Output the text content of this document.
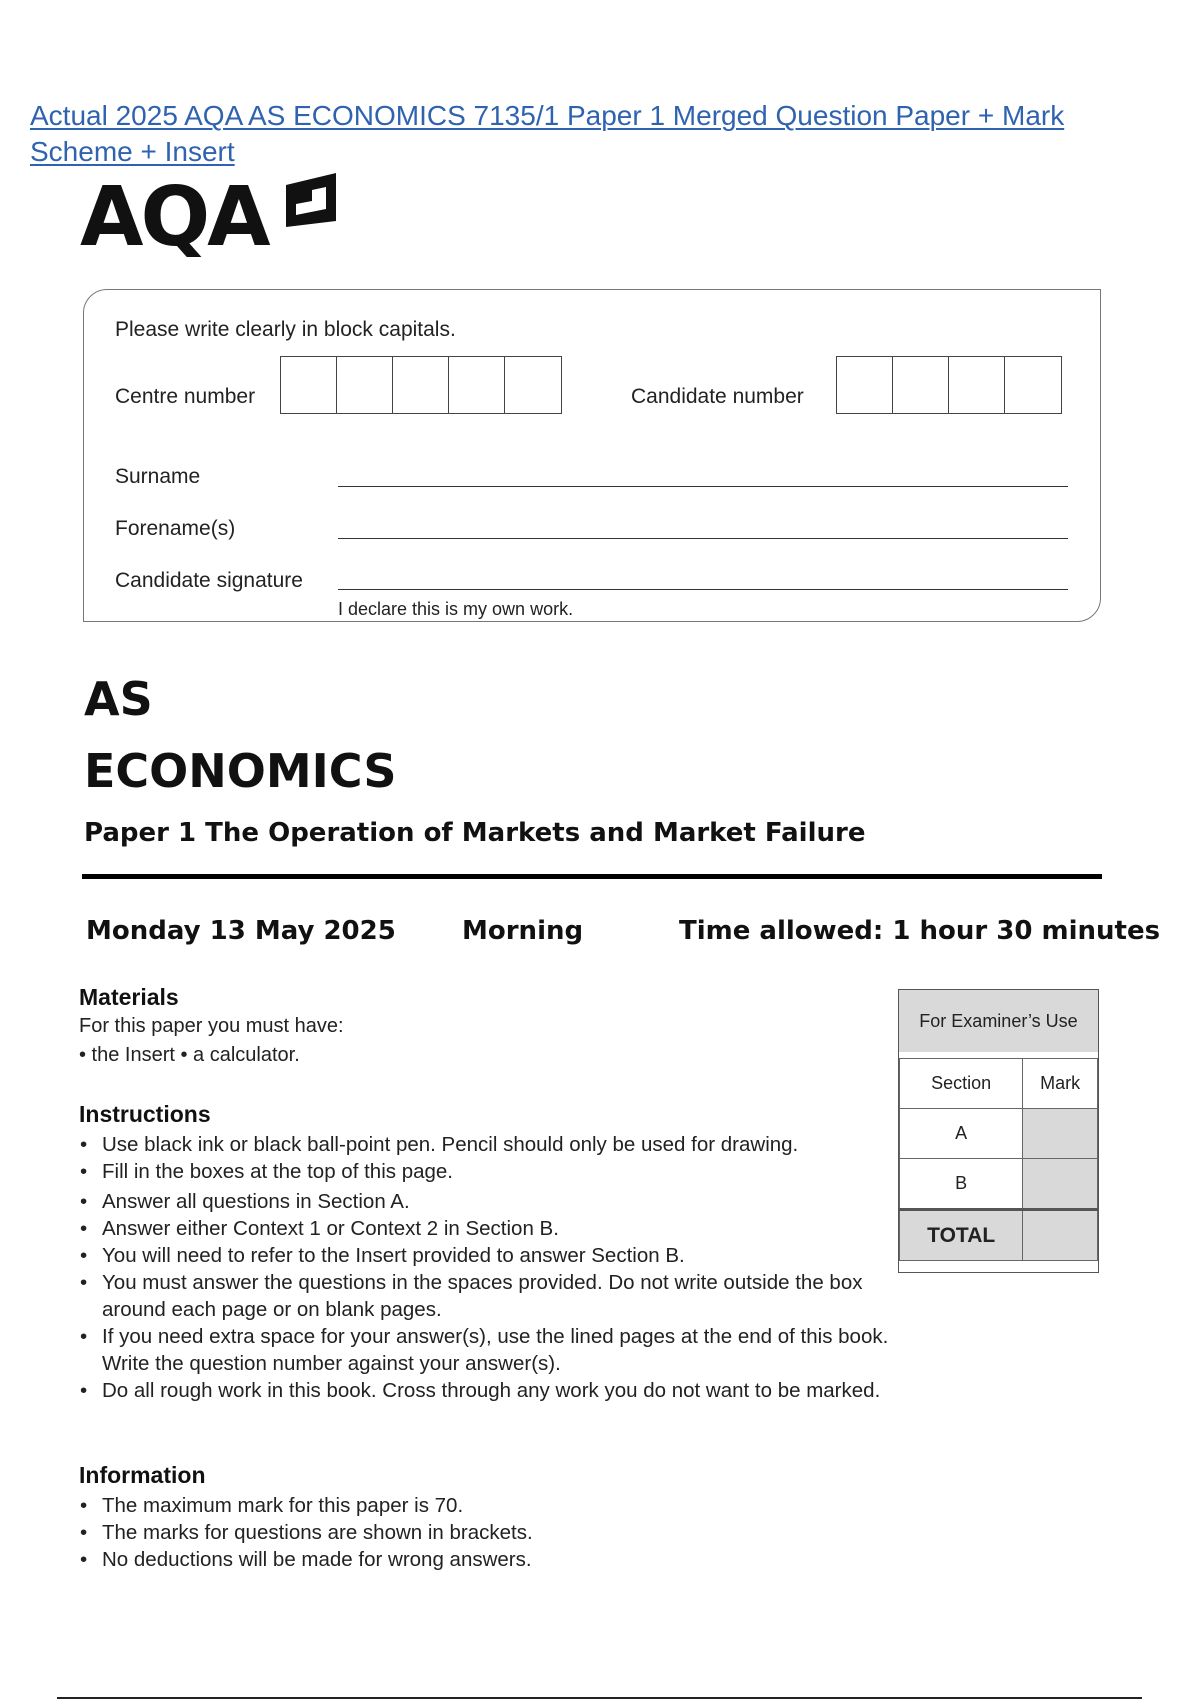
Actual 2025 AQA AS ECONOMICS 7135/1 Paper 1 Merged Question Paper + Mark Scheme + Insert
AQA
Please write clearly in block capitals.
Centre number	Candidate number
Surname
Forename(s)
Candidate signature
I declare this is my own work.
AS
ECONOMICS
Paper 1 The Operation of Markets and Market Failure
Monday 13 May 2025	Morning	Time allowed: 1 hour 30 minutes
Materials
For this paper you must have:
• the Insert • a calculator.
Instructions
• Use black ink or black ball-point pen. Pencil should only be used for drawing.
• Fill in the boxes at the top of this page.
• Answer all questions in Section A.
• Answer either Context 1 or Context 2 in Section B.
• You will need to refer to the Insert provided to answer Section B.
• You must answer the questions in the spaces provided. Do not write outside the box around each page or on blank pages.
• If you need extra space for your answer(s), use the lined pages at the end of this book. Write the question number against your answer(s).
• Do all rough work in this book. Cross through any work you do not want to be marked.
Information
• The maximum mark for this paper is 70.
• The marks for questions are shown in brackets.
• No deductions will be made for wrong answers.
For Examiner’s Use
Section	Mark
A	
B	
TOTAL	
